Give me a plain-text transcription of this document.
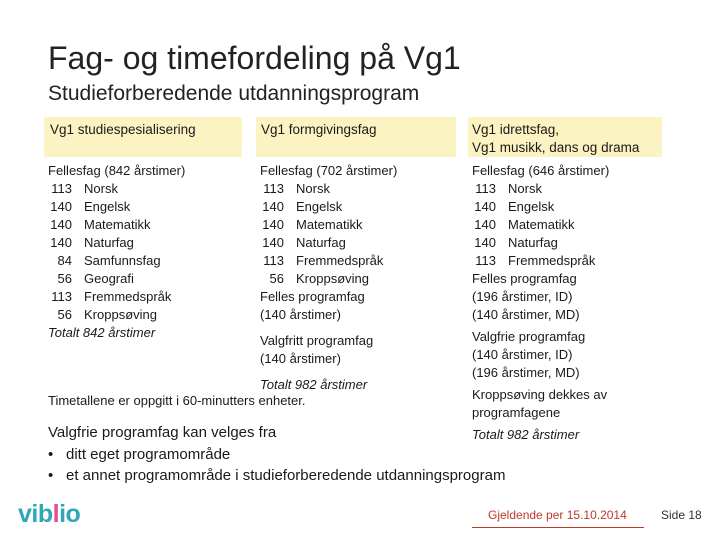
Fag- og timefordeling på Vg1
Studieforberedende utdanningsprogram
Vg1 studiespesialisering	Vg1 formgivingsfag	Vg1 idrettsfag,
Vg1 musikk, dans og drama
Fellesfag (842 årstimer)
113 Norsk
140 Engelsk
140 Matematikk
140 Naturfag
84 Samfunnsfag
56 Geografi
113 Fremmedspråk
56 Kroppsøving
Totalt 842 årstimer
Fellesfag (702 årstimer)
113 Norsk
140 Engelsk
140 Matematikk
140 Naturfag
113 Fremmedspråk
56 Kroppsøving
Felles programfag
(140 årstimer)
Valgfritt programfag
(140 årstimer)
Totalt 982 årstimer
Fellesfag (646 årstimer)
113 Norsk
140 Engelsk
140 Matematikk
140 Naturfag
113 Fremmedspråk
Felles programfag
(196 årstimer, ID)
(140 årstimer, MD)
Valgfrie programfag
(140 årstimer, ID)
(196 årstimer, MD)
Kroppsøving dekkes av
programfagene
Totalt 982 årstimer
Timetallene er oppgitt i 60-minutters enheter.
Valgfrie programfag kan velges fra
• ditt eget programområde
• et annet programområde i studieforberedende utdanningsprogram
viblio	Gjeldende per 15.10.2014	Side 18
